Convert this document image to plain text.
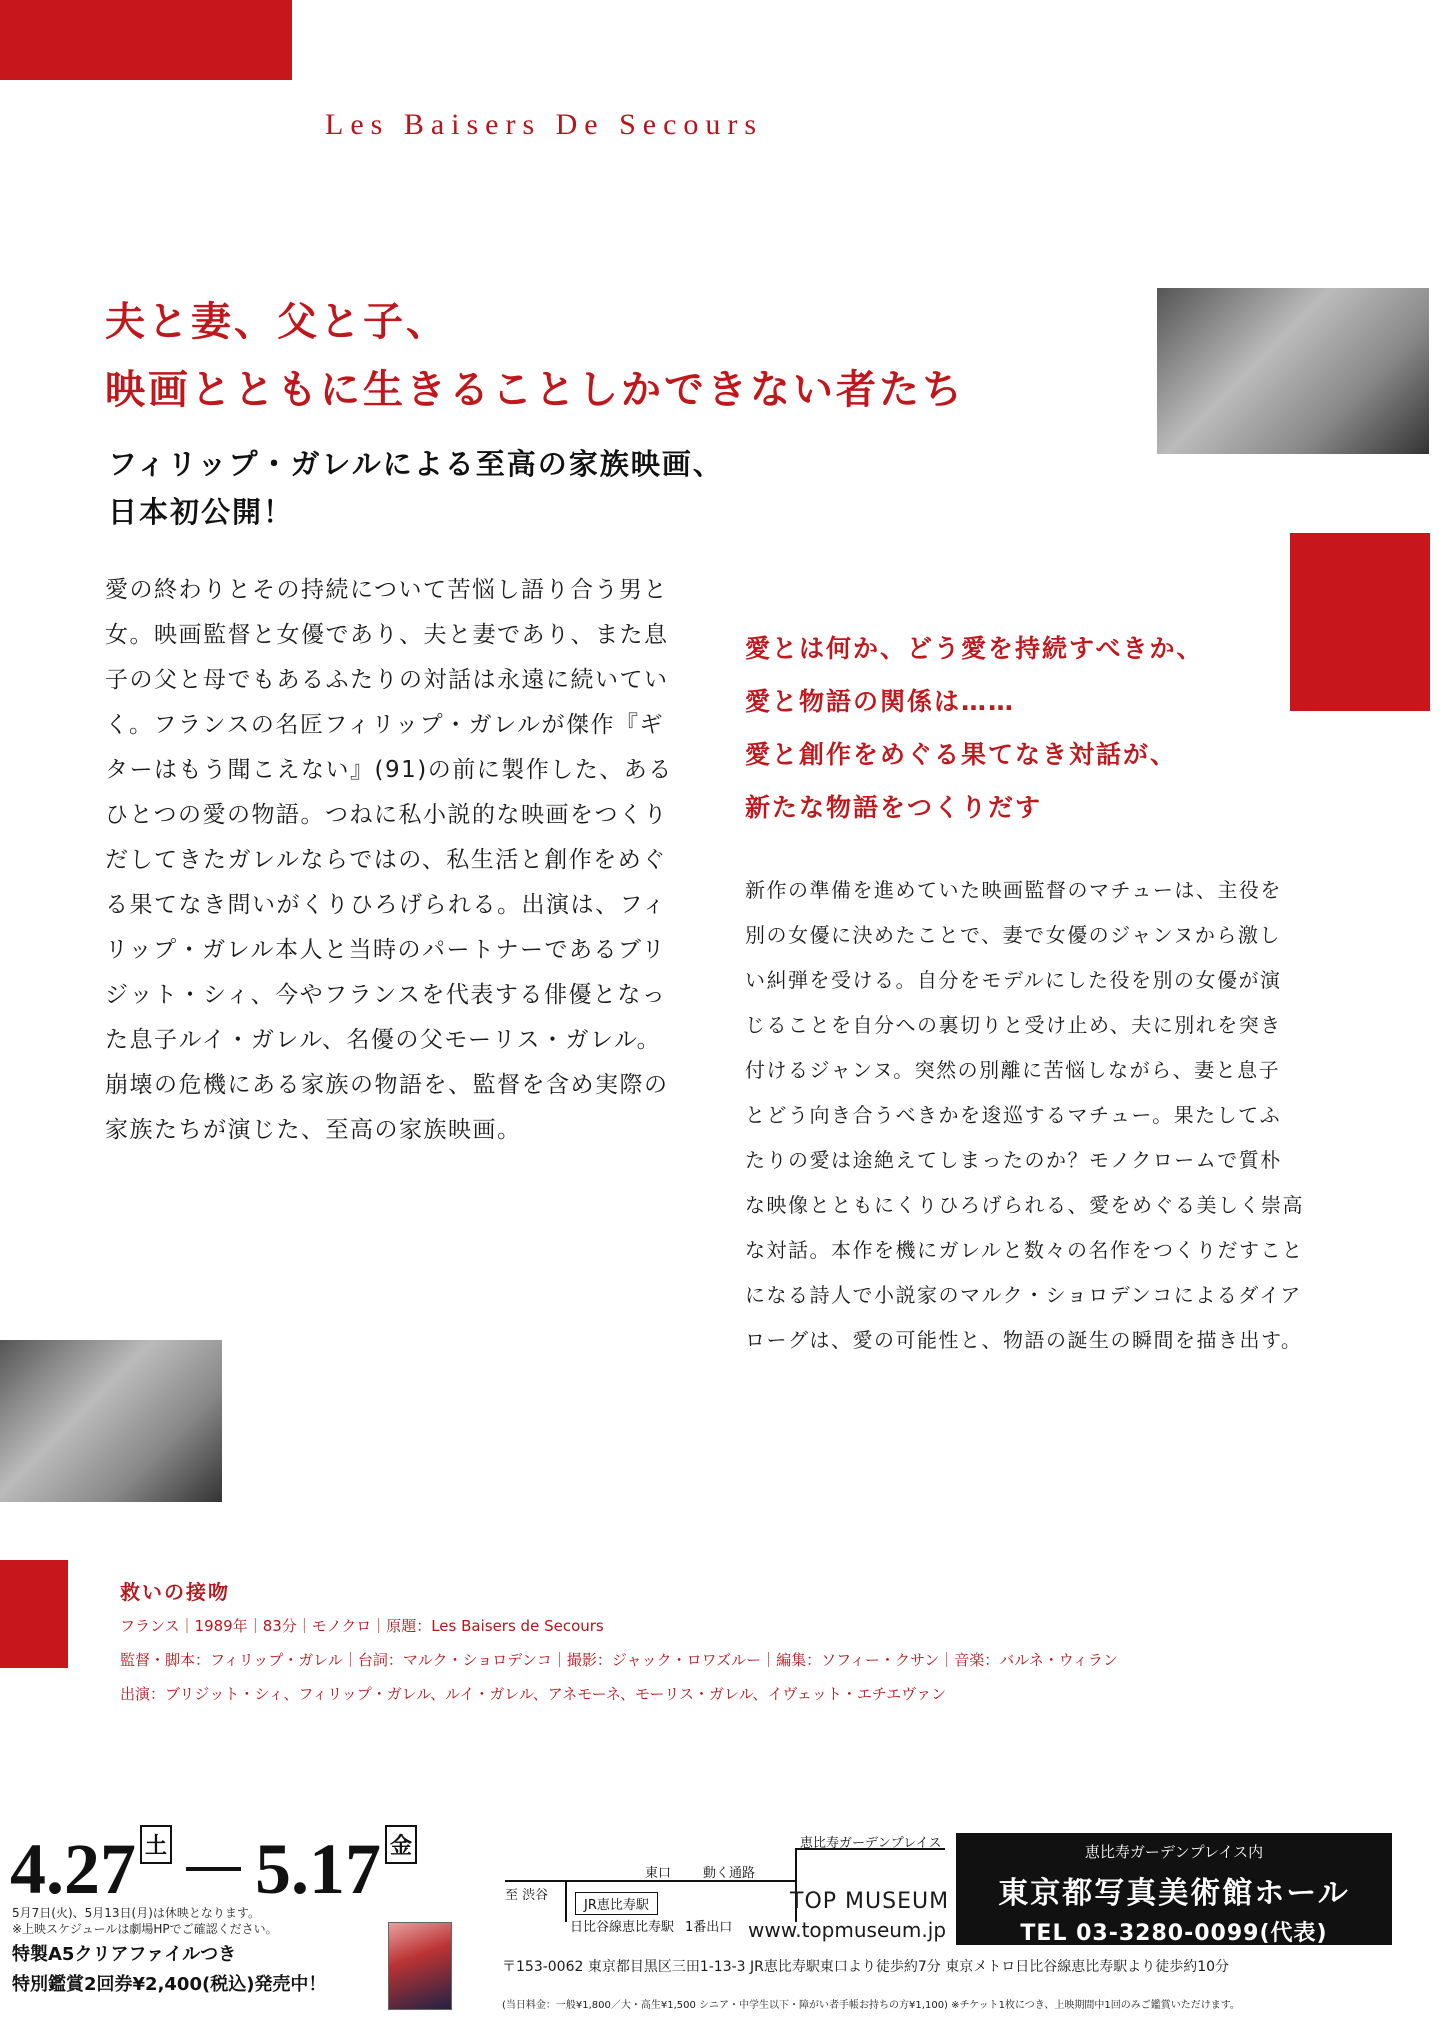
Les Baisers De Secours
夫と妻、父と子、
映画とともに生きることしかできない者たち
フィリップ・ガレルによる至高の家族映画、
日本初公開！
愛の終わりとその持続について苦悩し語り合う男と
女。映画監督と女優であり、夫と妻であり、また息
子の父と母でもあるふたりの対話は永遠に続いてい
く。フランスの名匠フィリップ・ガレルが傑作『ギ
ターはもう聞こえない』(91)の前に製作した、ある
ひとつの愛の物語。つねに私小説的な映画をつくり
だしてきたガレルならではの、私生活と創作をめぐ
る果てなき問いがくりひろげられる。出演は、フィ
リップ・ガレル本人と当時のパートナーであるブリ
ジット・シィ、今やフランスを代表する俳優となっ
た息子ルイ・ガレル、名優の父モーリス・ガレル。
崩壊の危機にある家族の物語を、監督を含め実際の
家族たちが演じた、至高の家族映画。
愛とは何か、どう愛を持続すべきか、
愛と物語の関係は……
愛と創作をめぐる果てなき対話が、
新たな物語をつくりだす
新作の準備を進めていた映画監督のマチューは、主役を
別の女優に決めたことで、妻で女優のジャンヌから激し
い糾弾を受ける。自分をモデルにした役を別の女優が演
じることを自分への裏切りと受け止め、夫に別れを突き
付けるジャンヌ。突然の別離に苦悩しながら、妻と息子
とどう向き合うべきかを逡巡するマチュー。果たしてふ
たりの愛は途絶えてしまったのか？モノクロームで質朴
な映像とともにくりひろげられる、愛をめぐる美しく崇高
な対話。本作を機にガレルと数々の名作をつくりだすこと
になる詩人で小説家のマルク・ショロデンコによるダイア
ローグは、愛の可能性と、物語の誕生の瞬間を描き出す。
救いの接吻
フランス｜1989年｜83分｜モノクロ｜原題：Les Baisers de Secours
監督・脚本：フィリップ・ガレル｜台詞：マルク・ショロデンコ｜撮影：ジャック・ロワズルー｜編集：ソフィー・クサン｜音楽：バルネ・ウィラン
出演：ブリジット・シィ、フィリップ・ガレル、ルイ・ガレル、アネモーネ、モーリス・ガレル、イヴェット・エチエヴァン
4.27 土 5.17 金
5月7日(火)、5月13日(月)は休映となります。
※上映スケジュールは劇場HPでご確認ください。
特製A5クリアファイルつき
特別鑑賞2回券¥2,400(税込)発売中！
至 渋谷
東口 動く通路
恵比寿ガーデンプレイス
JR恵比寿駅
日比谷線恵比寿駅 1番出口
TOP MUSEUM
www.topmuseum.jp
恵比寿ガーデンプレイス内
東京都写真美術館ホール
TEL 03-3280-0099(代表)
〒153-0062 東京都目黒区三田1-13-3 JR恵比寿駅東口より徒歩約7分 東京メトロ日比谷線恵比寿駅より徒歩約10分
(当日料金：一般¥1,800／大・高生¥1,500 シニア・中学生以下・障がい者手帳お持ちの方¥1,100) ※チケット1枚につき、上映期間中1回のみご鑑賞いただけます。
